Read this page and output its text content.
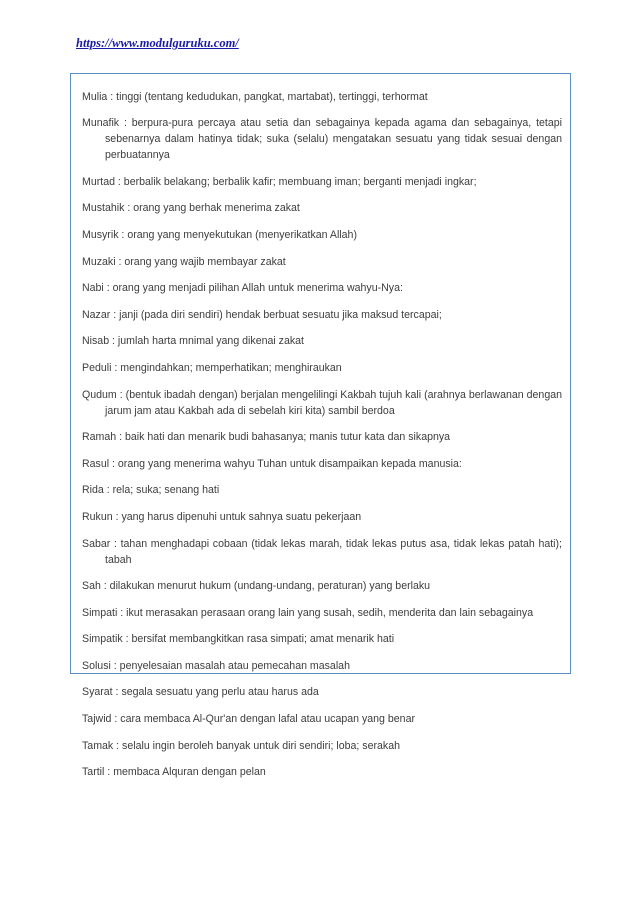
https://www.modulguruku.com/

Mulia : tinggi (tentang kedudukan, pangkat, martabat), tertinggi, terhormat

Munafik : berpura-pura percaya atau setia dan sebagainya kepada agama dan sebagainya, tetapi sebenarnya dalam hatinya tidak; suka (selalu) mengatakan sesuatu yang tidak sesuai dengan perbuatannya

Murtad : berbalik belakang; berbalik kafir; membuang iman; berganti menjadi ingkar;

Mustahik : orang yang berhak menerima zakat

Musyrik : orang yang menyekutukan (menyerikatkan Allah)

Muzaki : orang yang wajib membayar zakat

Nabi : orang yang menjadi pilihan Allah untuk menerima wahyu-Nya:

Nazar : janji (pada diri sendiri) hendak berbuat sesuatu jika maksud tercapai;

Nisab : jumlah harta mnimal yang dikenai zakat

Peduli : mengindahkan; memperhatikan; menghiraukan

Qudum : (bentuk ibadah dengan) berjalan mengelilingi Kakbah tujuh kali (arahnya berlawanan dengan jarum jam atau Kakbah ada di sebelah kiri kita) sambil berdoa

Ramah : baik hati dan menarik budi bahasanya; manis tutur kata dan sikapnya

Rasul : orang yang menerima wahyu Tuhan untuk disampaikan kepada manusia:

Rida : rela; suka; senang hati

Rukun : yang harus dipenuhi untuk sahnya suatu pekerjaan

Sabar : tahan menghadapi cobaan (tidak lekas marah, tidak lekas putus asa, tidak lekas patah hati); tabah

Sah : dilakukan menurut hukum (undang-undang, peraturan) yang berlaku

Simpati : ikut merasakan perasaan orang lain yang susah, sedih, menderita dan lain sebagainya

Simpatik : bersifat membangkitkan rasa simpati; amat menarik hati

Solusi : penyelesaian masalah atau pemecahan masalah

Syarat : segala sesuatu yang perlu atau harus ada

Tajwid : cara membaca Al-Qur'an dengan lafal atau ucapan yang benar

Tamak : selalu ingin beroleh banyak untuk diri sendiri; loba; serakah

Tartil : membaca Alquran dengan pelan
